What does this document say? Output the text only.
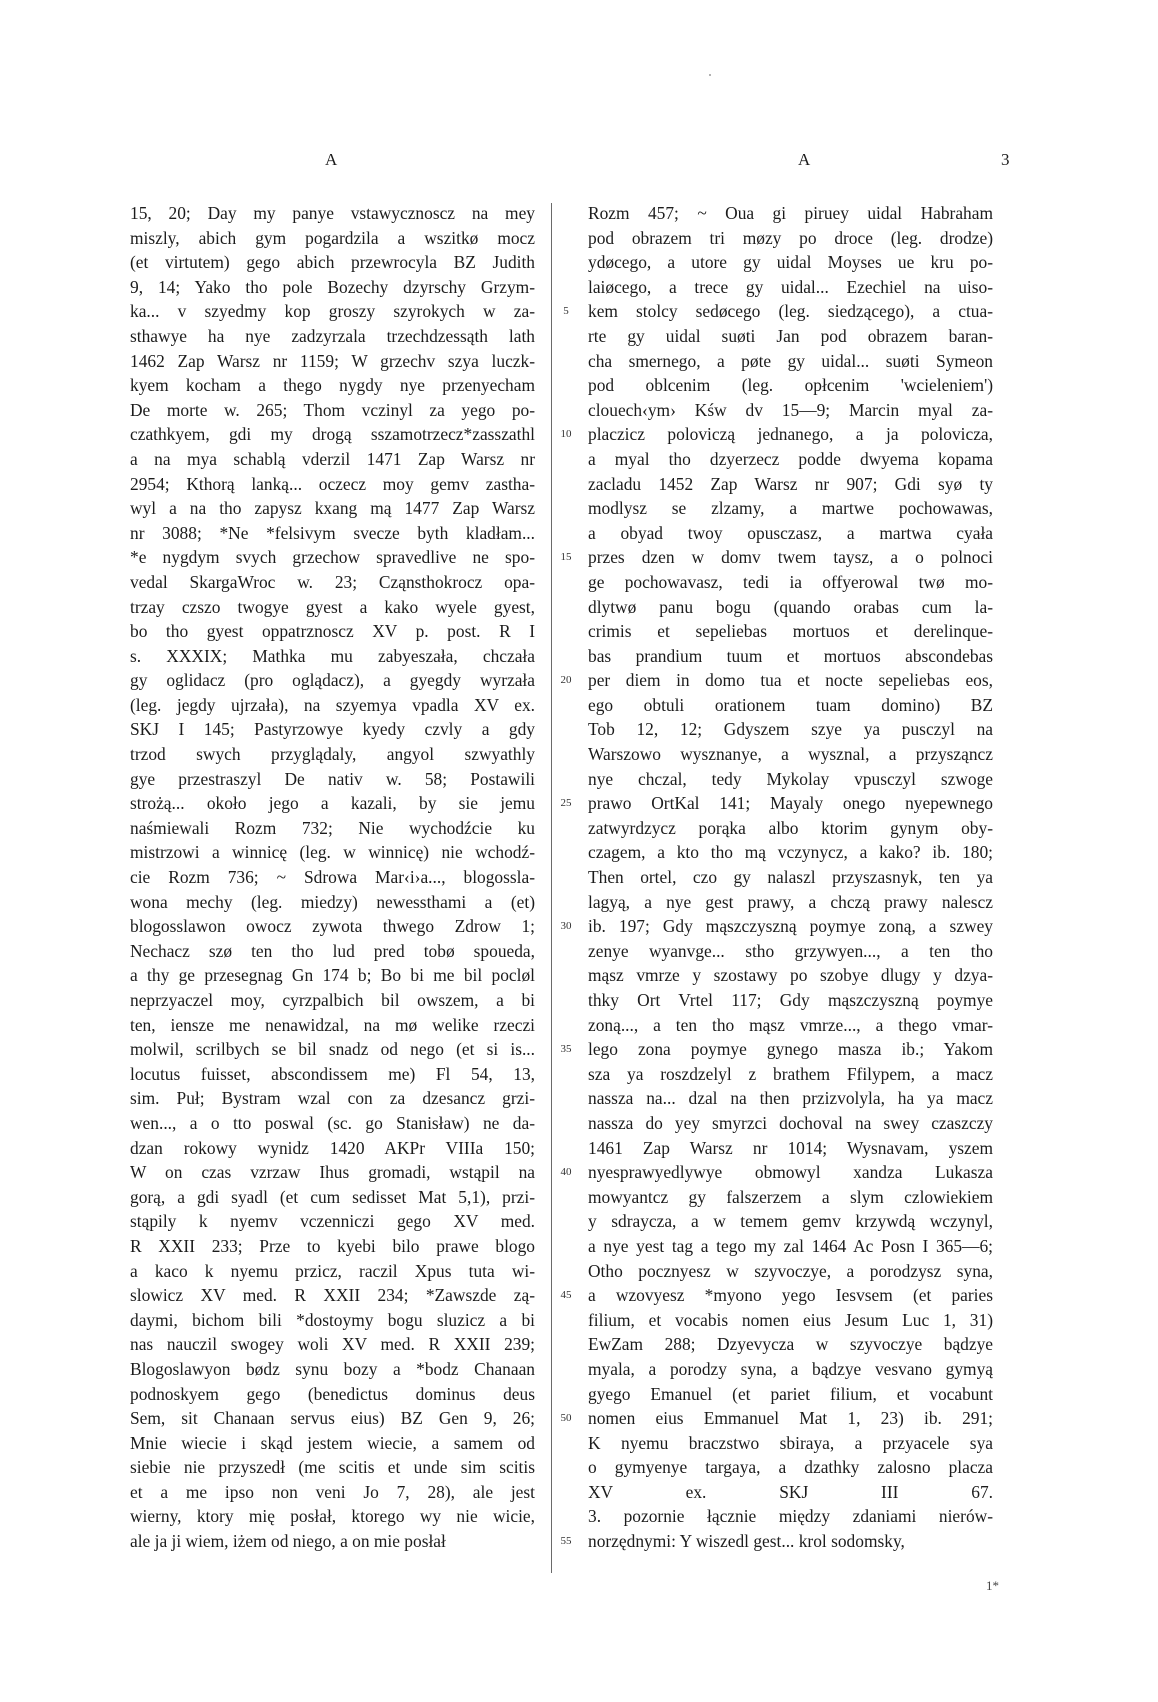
A	A	3
15, 20; Day my panye vstawycznoscz na mey
miszly, abich gym pogardzila a wszitkø mocz
(et virtutem) gego abich przewrocyla BZ Judith
9, 14; Yako tho pole Bozechy dzyrschy Grzym-
ka... v szyedmy kop groszy szyrokych w za-
sthawye ha nye zadzyrzala trzechdzessąth lath
1462 Zap Warsz nr 1159; W grzechv szya luczk-
kyem kocham a thego nygdy nye przenyecham
De morte w. 265; Thom vczinyl za yego po-
czathkyem, gdi my drogą sszamotrzecz*zasszathl
a na mya schablą vderzil 1471 Zap Warsz nr
2954; Kthorą lanką... oczecz moy gemv zastha-
wyl a na tho zapysz kxang mą 1477 Zap Warsz
nr 3088; *Ne *felsivym svecze byth kladłam...
*e nygdym svych grzechow spravedlive ne spo-
vedal SkargaWroc w. 23; Cząnsthokrocz opa-
trzay czszo twogye gyest a kako wyele gyest,
bo tho gyest oppatrznoscz XV p. post. R I
s. XXXIX; Mathka mu zabyeszała, chczała
gy oglidacz (pro oglądacz), a gyegdy wyrzała
(leg. jegdy ujrzała), na szyemya vpadla XV ex.
SKJ I 145; Pastyrzowye kyedy czvly a gdy
trzod swych przyglądaly, angyol szwyathly
gye przestraszyl De nativ w. 58; Postawili
strożą... około jego a kazali, by sie jemu
naśmiewali Rozm 732; Nie wychodźcie ku
mistrzowi a winnicę (leg. w winnicę) nie wchodź-
cie Rozm 736; ~ Sdrowa Mar‹i›a..., blogossla-
wona mechy (leg. miedzy) newessthami a (et)
blogosslawon owocz zywota thwego Zdrow 1;
Nechacz szø ten tho lud pred tobø spoueda,
a thy ge przesegnag Gn 174 b; Bo bi me bil pocløl
neprzyaczel moy, cyrzpalbich bil owszem, a bi
ten, iensze me nenawidzal, na mø welike rzeczi
molwil, scrilbych se bil snadz od nego (et si is...
locutus fuisset, abscondissem me) Fl 54, 13,
sim. Puł; Bystram wzal con za dzesancz grzi-
wen..., a o tto poswal (sc. go Stanisław) ne da-
dzan rokowy wynidz 1420 AKPr VIIIa 150;
W on czas vzrzaw Ihus gromadi, wstąpil na
gorą, a gdi syadl (et cum sedisset Mat 5,1), przi-
stąpily k nyemv vczenniczi gego XV med.
R XXII 233; Prze to kyebi bilo prawe blogo
a kaco k nyemu przicz, raczil Xpus tuta wi-
slowicz XV med. R XXII 234; *Zawszde zą-
daymi, bichom bili *dostoymy bogu sluzicz a bi
nas nauczil swogey woli XV med. R XXII 239;
Blogoslawyon bødz synu bozy a *bodz Chanaan
podnoskyem gego (benedictus dominus deus
Sem, sit Chanaan servus eius) BZ Gen 9, 26;
Mnie wiecie i skąd jestem wiecie, a samem od
siebie nie przyszedł (me scitis et unde sim scitis
et a me ipso non veni Jo 7, 28), ale jest
wierny, ktory mię posłał, ktorego wy nie wicie,
ale ja ji wiem, iżem od niego, a on mie posłał
5
10
15
20
25
30
35
40
45
50
55
Rozm 457; ~ Oua gi piruey uidal Habraham
pod obrazem tri møzy po droce (leg. drodze)
ydøcego, a utore gy uidal Moyses ue kru po-
laiøcego, a trece gy uidal... Ezechiel na uiso-
kem stolcy sedøcego (leg. siedzącego), a ctua-
rte gy uidal suøti Jan pod obrazem baran-
cha smernego, a pøte gy uidal... suøti Symeon
pod oblcenim (leg. opłcenim 'wcieleniem')
clouech‹ym› Kśw dv 15—9; Marcin myal za-
placzicz poloviczą jednanego, a ja polovicza,
a myal tho dzyerzecz podde dwyema kopama
zacladu 1452 Zap Warsz nr 907; Gdi syø ty
modlysz se zlzamy, a martwe pochowawas,
a obyad twoy opusczasz, a martwa cyała
przes dzen w domv twem taysz, a o polnoci
ge pochowavasz, tedi ia offyerowal twø mo-
dlytwø panu bogu (quando orabas cum la-
crimis et sepeliebas mortuos et derelinque-
bas prandium tuum et mortuos abscondebas
per diem in domo tua et nocte sepeliebas eos,
ego obtuli orationem tuam domino) BZ
Tob 12, 12; Gdyszem szye ya pusczyl na
Warszowo wysznanye, a wysznal, a przysząncz
nye chczal, tedy Mykolay vpusczyl szwoge
prawo OrtKal 141; Mayaly onego nyepewnego
zatwyrdzycz porąka albo ktorim gynym oby-
czagem, a kto tho mą vczynycz, a kako? ib. 180;
Then ortel, czo gy nalaszl przyszasnyk, ten ya
lagyą, a nye gest prawy, a chczą prawy nalescz
ib. 197; Gdy mąszczyszną poymye zoną, a szwey
zenye wyanvge... stho grzywyen..., a ten tho
mąsz vmrze y szostawy po szobye dlugy y dzya-
thky Ort Vrtel 117; Gdy mąszczyszną poymye
zoną..., a ten tho mąsz vmrze..., a thego vmar-
lego zona poymye gynego masza ib.; Yakom
sza ya roszdzelyl z brathem Ffilypem, a macz
nassza na... dzal na then przizvolyla, ha ya macz
nassza do yey smyrzci dochoval na swey czaszczy
1461 Zap Warsz nr 1014; Wysnavam, yszem
nyesprawyedlywye obmowyl xandza Lukasza
mowyantcz gy falszerzem a slym czlowiekiem
y sdraycza, a w temem gemv krzywdą wczynyl,
a nye yest tag a tego my zal 1464 Ac Posn I 365—6;
Otho pocznyesz w szyvoczye, a porodzysz syna,
a wzovyesz *myono yego Iesvsem (et paries
filium, et vocabis nomen eius Jesum Luc 1, 31)
EwZam 288; Dzyevycza w szyvoczye bądzye
myala, a porodzy syna, a bądzye vesvano gymyą
gyego Emanuel (et pariet filium, et vocabunt
nomen eius Emmanuel Mat 1, 23) ib. 291;
K nyemu braczstwo sbiraya, a przyacele sya
o gymyenye targaya, a dzathky zalosno placza
XV ex. SKJ III 67.
3. pozornie łącznie między zdaniami nierów-
norzędnymi: Y wiszedl gest... krol sodomsky,
1*
